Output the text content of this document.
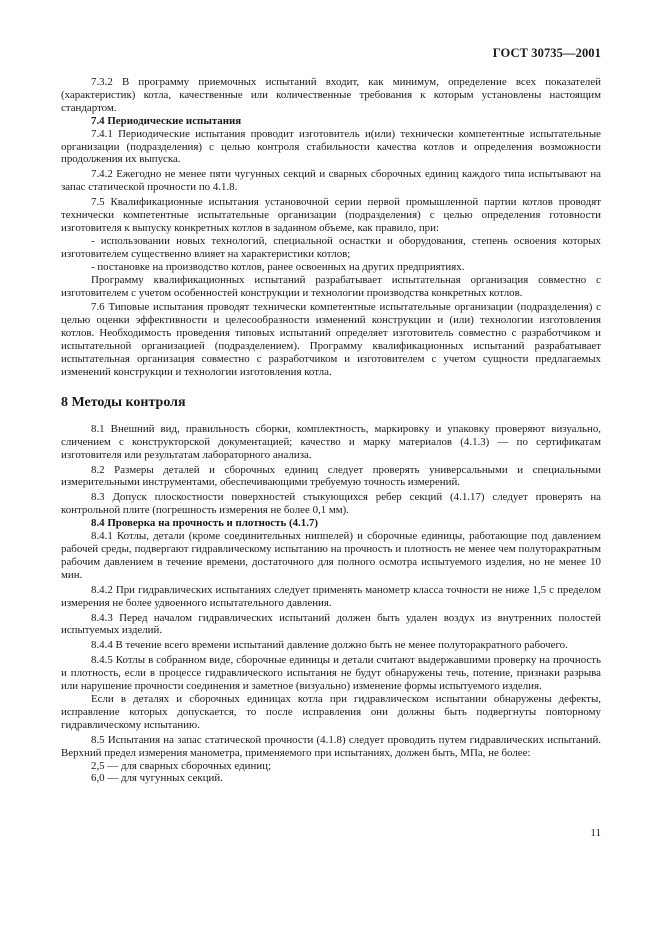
ГОСТ 30735—2001

7.3.2 В программу приемочных испытаний входит, как минимум, определение всех показателей (характеристик) котла, качественные или количественные требования к которым установлены настоящим стандартом.

7.4 Периодические испытания

7.4.1 Периодические испытания проводит изготовитель и(или) технически компетентные испытательные организации (подразделения) с целью контроля стабильности качества котлов и определения возможности продолжения их выпуска.

7.4.2 Ежегодно не менее пяти чугунных секций и сварных сборочных единиц каждого типа испытывают на запас статической прочности по 4.1.8.

7.5 Квалификационные испытания установочной серии первой промышленной партии котлов проводят технически компетентные испытательные организации (подразделения) с целью определения готовности изготовителя к выпуску конкретных котлов в заданном объеме, как правило, при:

- использовании новых технологий, специальной оснастки и оборудования, степень освоения которых изготовителем существенно влияет на характеристики котлов;

- постановке на производство котлов, ранее освоенных на других предприятиях.

Программу квалификационных испытаний разрабатывает испытательная организация совместно с изготовителем с учетом особенностей конструкции и технологии производства конкретных котлов.

7.6 Типовые испытания проводят технически компетентные испытательные организации (подразделения) с целью оценки эффективности и целесообразности изменений конструкции и (или) технологии изготовления котлов. Необходимость проведения типовых испытаний определяет изготовитель совместно с разработчиком и испытательной организацией (подразделением). Программу квалификационных испытаний разрабатывает испытательная организация совместно с разработчиком и изготовителем с учетом сущности предлагаемых изменений конструкции и технологии изготовления котла.

8 Методы контроля

8.1 Внешний вид, правильность сборки, комплектность, маркировку и упаковку проверяют визуально, сличением с конструкторской документацией; качество и марку материалов (4.1.3) — по сертификатам изготовителя или результатам лабораторного анализа.

8.2 Размеры деталей и сборочных единиц следует проверять универсальными и специальными измерительными инструментами, обеспечивающими требуемую точность измерений.

8.3 Допуск плоскостности поверхностей стыкующихся ребер секций (4.1.17) следует проверять на контрольной плите (погрешность измерения не более 0,1 мм).

8.4 Проверка на прочность и плотность (4.1.7)

8.4.1 Котлы, детали (кроме соединительных ниппелей) и сборочные единицы, работающие под давлением рабочей среды, подвергают гидравлическому испытанию на прочность и плотность не менее чем полуторакратным рабочим давлением в течение времени, достаточного для полного осмотра испытуемого изделия, но не менее 10 мин.

8.4.2 При гидравлических испытаниях следует применять манометр класса точности не ниже 1,5 с пределом измерения не более удвоенного испытательного давления.

8.4.3 Перед началом гидравлических испытаний должен быть удален воздух из внутренних полостей испытуемых изделий.

8.4.4 В течение всего времени испытаний давление должно быть не менее полуторакратного рабочего.

8.4.5 Котлы в собранном виде, сборочные единицы и детали считают выдержавшими проверку на прочность и плотность, если в процессе гидравлического испытания не будут обнаружены течь, потение, признаки разрыва или нарушение прочности соединения и заметное (визуально) изменение формы испытуемого изделия.

Если в деталях и сборочных единицах котла при гидравлическом испытании обнаружены дефекты, исправление которых допускается, то после исправления они должны быть подвергнуты повторному гидравлическому испытанию.

8.5 Испытания на запас статической прочности (4.1.8) следует проводить путем гидравлических испытаний. Верхний предел измерения манометра, применяемого при испытаниях, должен быть, МПа, не более:

2,5 — для сварных сборочных единиц;

6,0 — для чугунных секций.

11
